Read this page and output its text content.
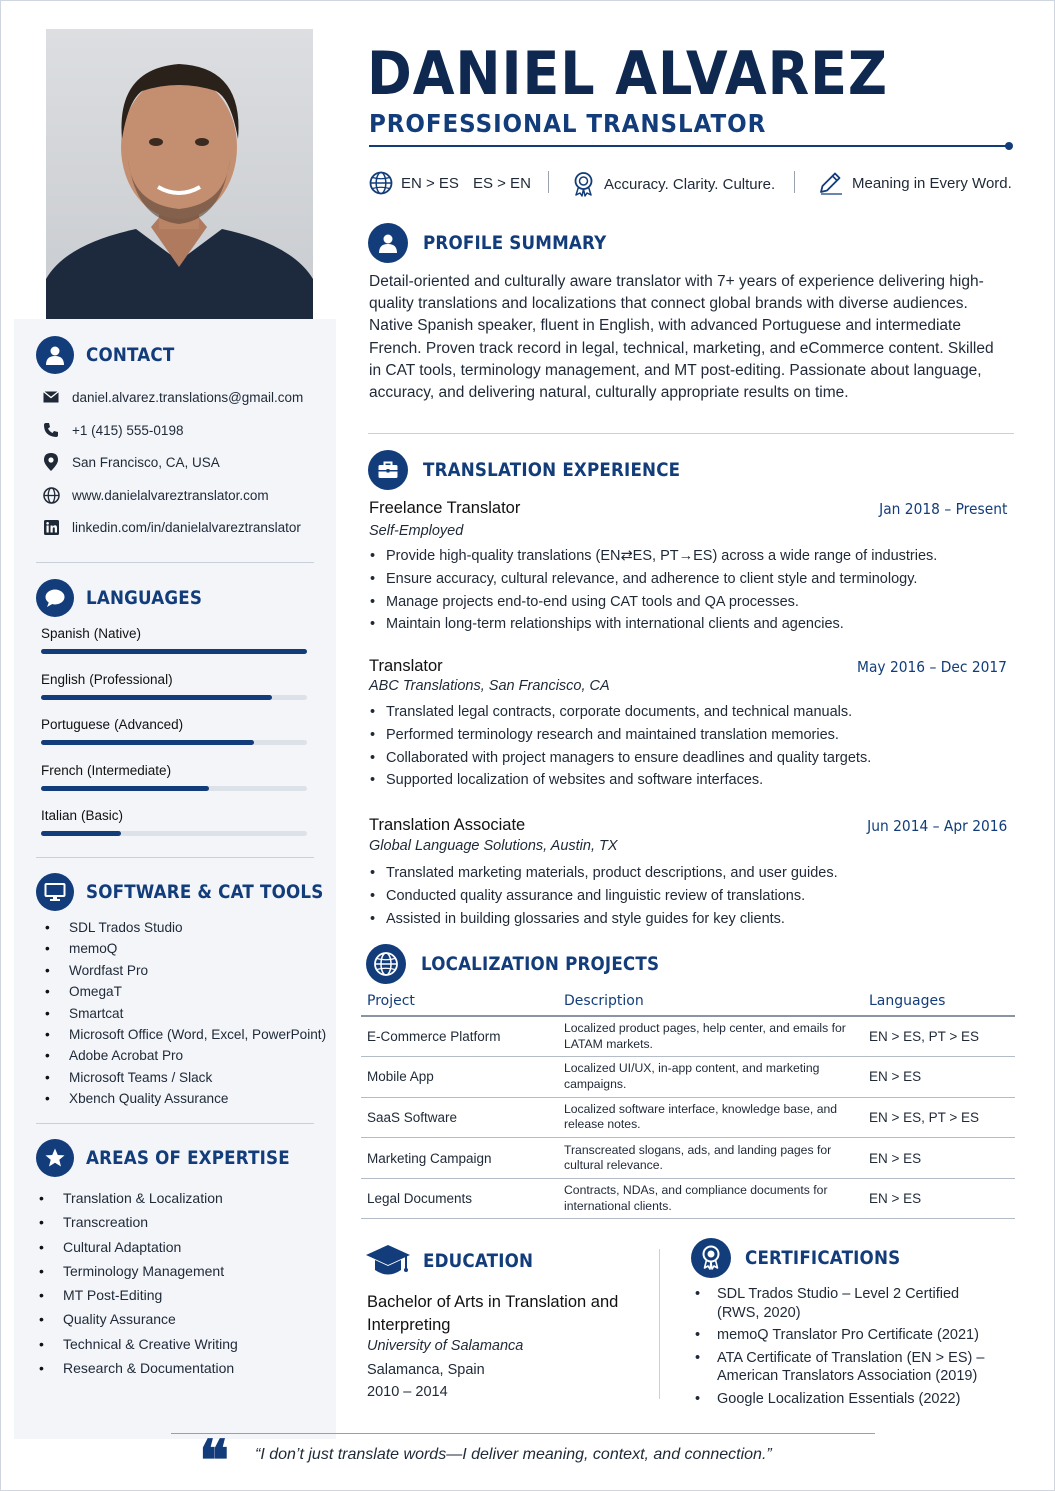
CONTACT
daniel.alvarez.translations@gmail.com
+1 (415) 555-0198
San Francisco, CA, USA
www.danielalvareztranslator.com
linkedin.com/in/danielalvareztranslator
LANGUAGES
Spanish (Native)
English (Professional)
Portuguese (Advanced)
French (Intermediate)
Italian (Basic)
SOFTWARE & CAT TOOLS
• SDL Trados Studio
• memoQ
• Wordfast Pro
• OmegaT
• Smartcat
• Microsoft Office (Word, Excel, PowerPoint)
• Adobe Acrobat Pro
• Microsoft Teams / Slack
• Xbench Quality Assurance
AREAS OF EXPERTISE
• Translation & Localization
• Transcreation
• Cultural Adaptation
• Terminology Management
• MT Post-Editing
• Quality Assurance
• Technical & Creative Writing
• Research & Documentation
DANIEL ALVAREZ
PROFESSIONAL TRANSLATOR
EN > ES ES > EN	Accuracy. Clarity. Culture.	Meaning in Every Word.
PROFILE SUMMARY
Detail-oriented and culturally aware translator with 7+ years of experience delivering high-quality translations and localizations that connect global brands with diverse audiences. Native Spanish speaker, fluent in English, with advanced Portuguese and intermediate French. Proven track record in legal, technical, marketing, and eCommerce content. Skilled in CAT tools, terminology management, and MT post-editing. Passionate about language, accuracy, and delivering natural, culturally appropriate results on time.
TRANSLATION EXPERIENCE
Freelance Translator	Jan 2018 – Present
Self-Employed
• Provide high-quality translations (EN⇄ES, PT→ES) across a wide range of industries.
• Ensure accuracy, cultural relevance, and adherence to client style and terminology.
• Manage projects end-to-end using CAT tools and QA processes.
• Maintain long-term relationships with international clients and agencies.
Translator	May 2016 – Dec 2017
ABC Translations, San Francisco, CA
• Translated legal contracts, corporate documents, and technical manuals.
• Performed terminology research and maintained translation memories.
• Collaborated with project managers to ensure deadlines and quality targets.
• Supported localization of websites and software interfaces.
Translation Associate	Jun 2014 – Apr 2016
Global Language Solutions, Austin, TX
• Translated marketing materials, product descriptions, and user guides.
• Conducted quality assurance and linguistic review of translations.
• Assisted in building glossaries and style guides for key clients.
LOCALIZATION PROJECTS
Project	Description	Languages
E-Commerce Platform	Localized product pages, help center, and emails for LATAM markets.	EN > ES, PT > ES
Mobile App	Localized UI/UX, in-app content, and marketing campaigns.	EN > ES
SaaS Software	Localized software interface, knowledge base, and release notes.	EN > ES, PT > ES
Marketing Campaign	Transcreated slogans, ads, and landing pages for cultural relevance.	EN > ES
Legal Documents	Contracts, NDAs, and compliance documents for international clients.	EN > ES
EDUCATION
Bachelor of Arts in Translation and Interpreting
University of Salamanca
Salamanca, Spain
2010 – 2014
CERTIFICATIONS
• SDL Trados Studio – Level 2 Certified (RWS, 2020)
• memoQ Translator Pro Certificate (2021)
• ATA Certificate of Translation (EN > ES) – American Translators Association (2019)
• Google Localization Essentials (2022)
❝ “I don’t just translate words—I deliver meaning, context, and connection.”
